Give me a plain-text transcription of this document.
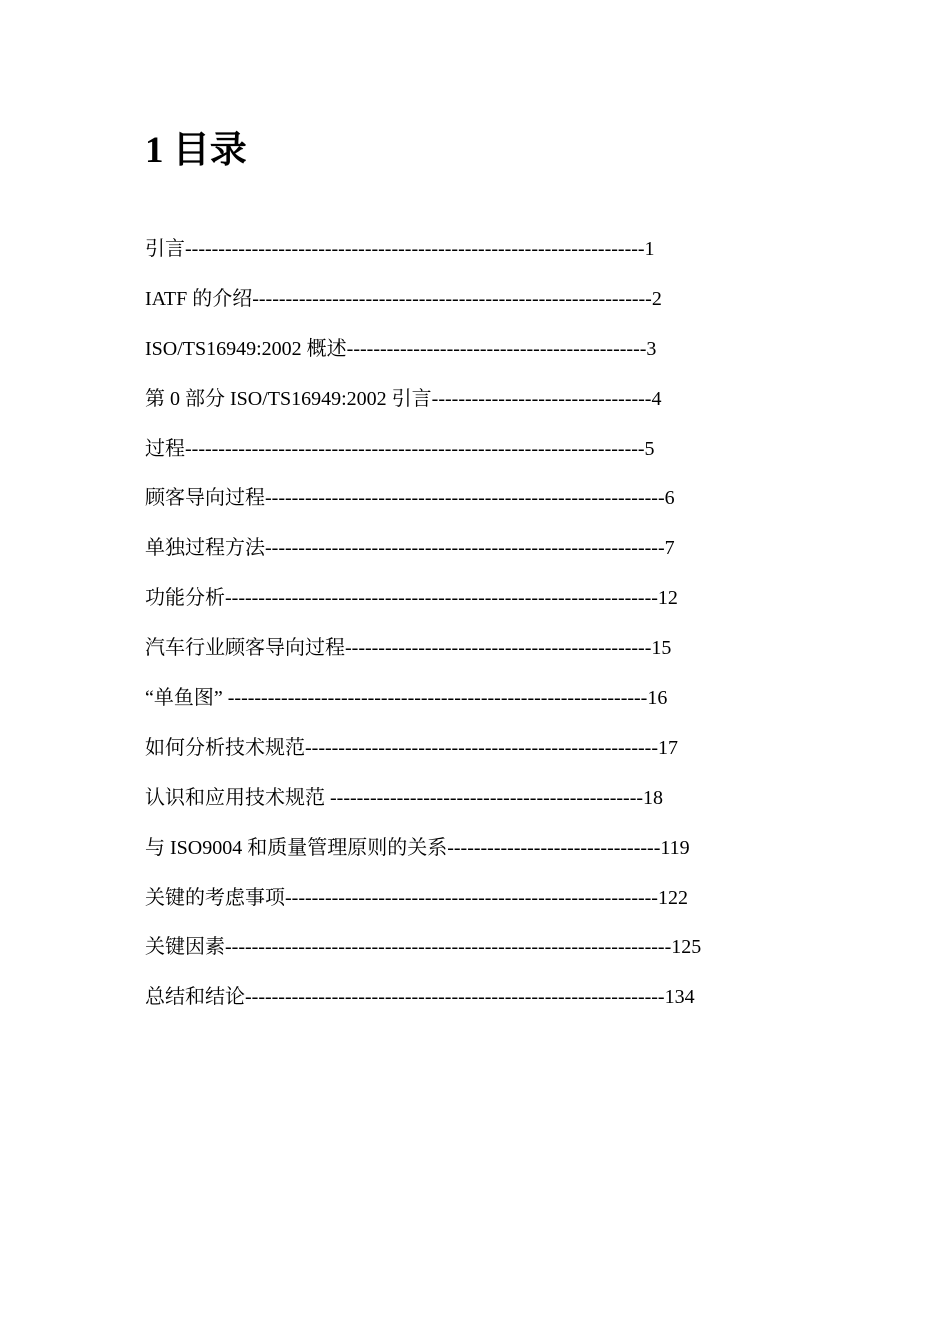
1 目录
引言---------------------------------------------------------------------1
IATF 的介绍------------------------------------------------------------2
ISO/TS16949:2002 概述---------------------------------------------3
第 0 部分 ISO/TS16949:2002 引言---------------------------------4
过程---------------------------------------------------------------------5
顾客导向过程------------------------------------------------------------6
单独过程方法------------------------------------------------------------7
功能分析-----------------------------------------------------------------12
汽车行业顾客导向过程----------------------------------------------15
“单鱼图” ---------------------------------------------------------------16
如何分析技术规范-----------------------------------------------------17
认识和应用技术规范 -----------------------------------------------18
与 ISO9004 和质量管理原则的关系--------------------------------119
关键的考虑事项--------------------------------------------------------122
关键因素-------------------------------------------------------------------125
总结和结论---------------------------------------------------------------134
